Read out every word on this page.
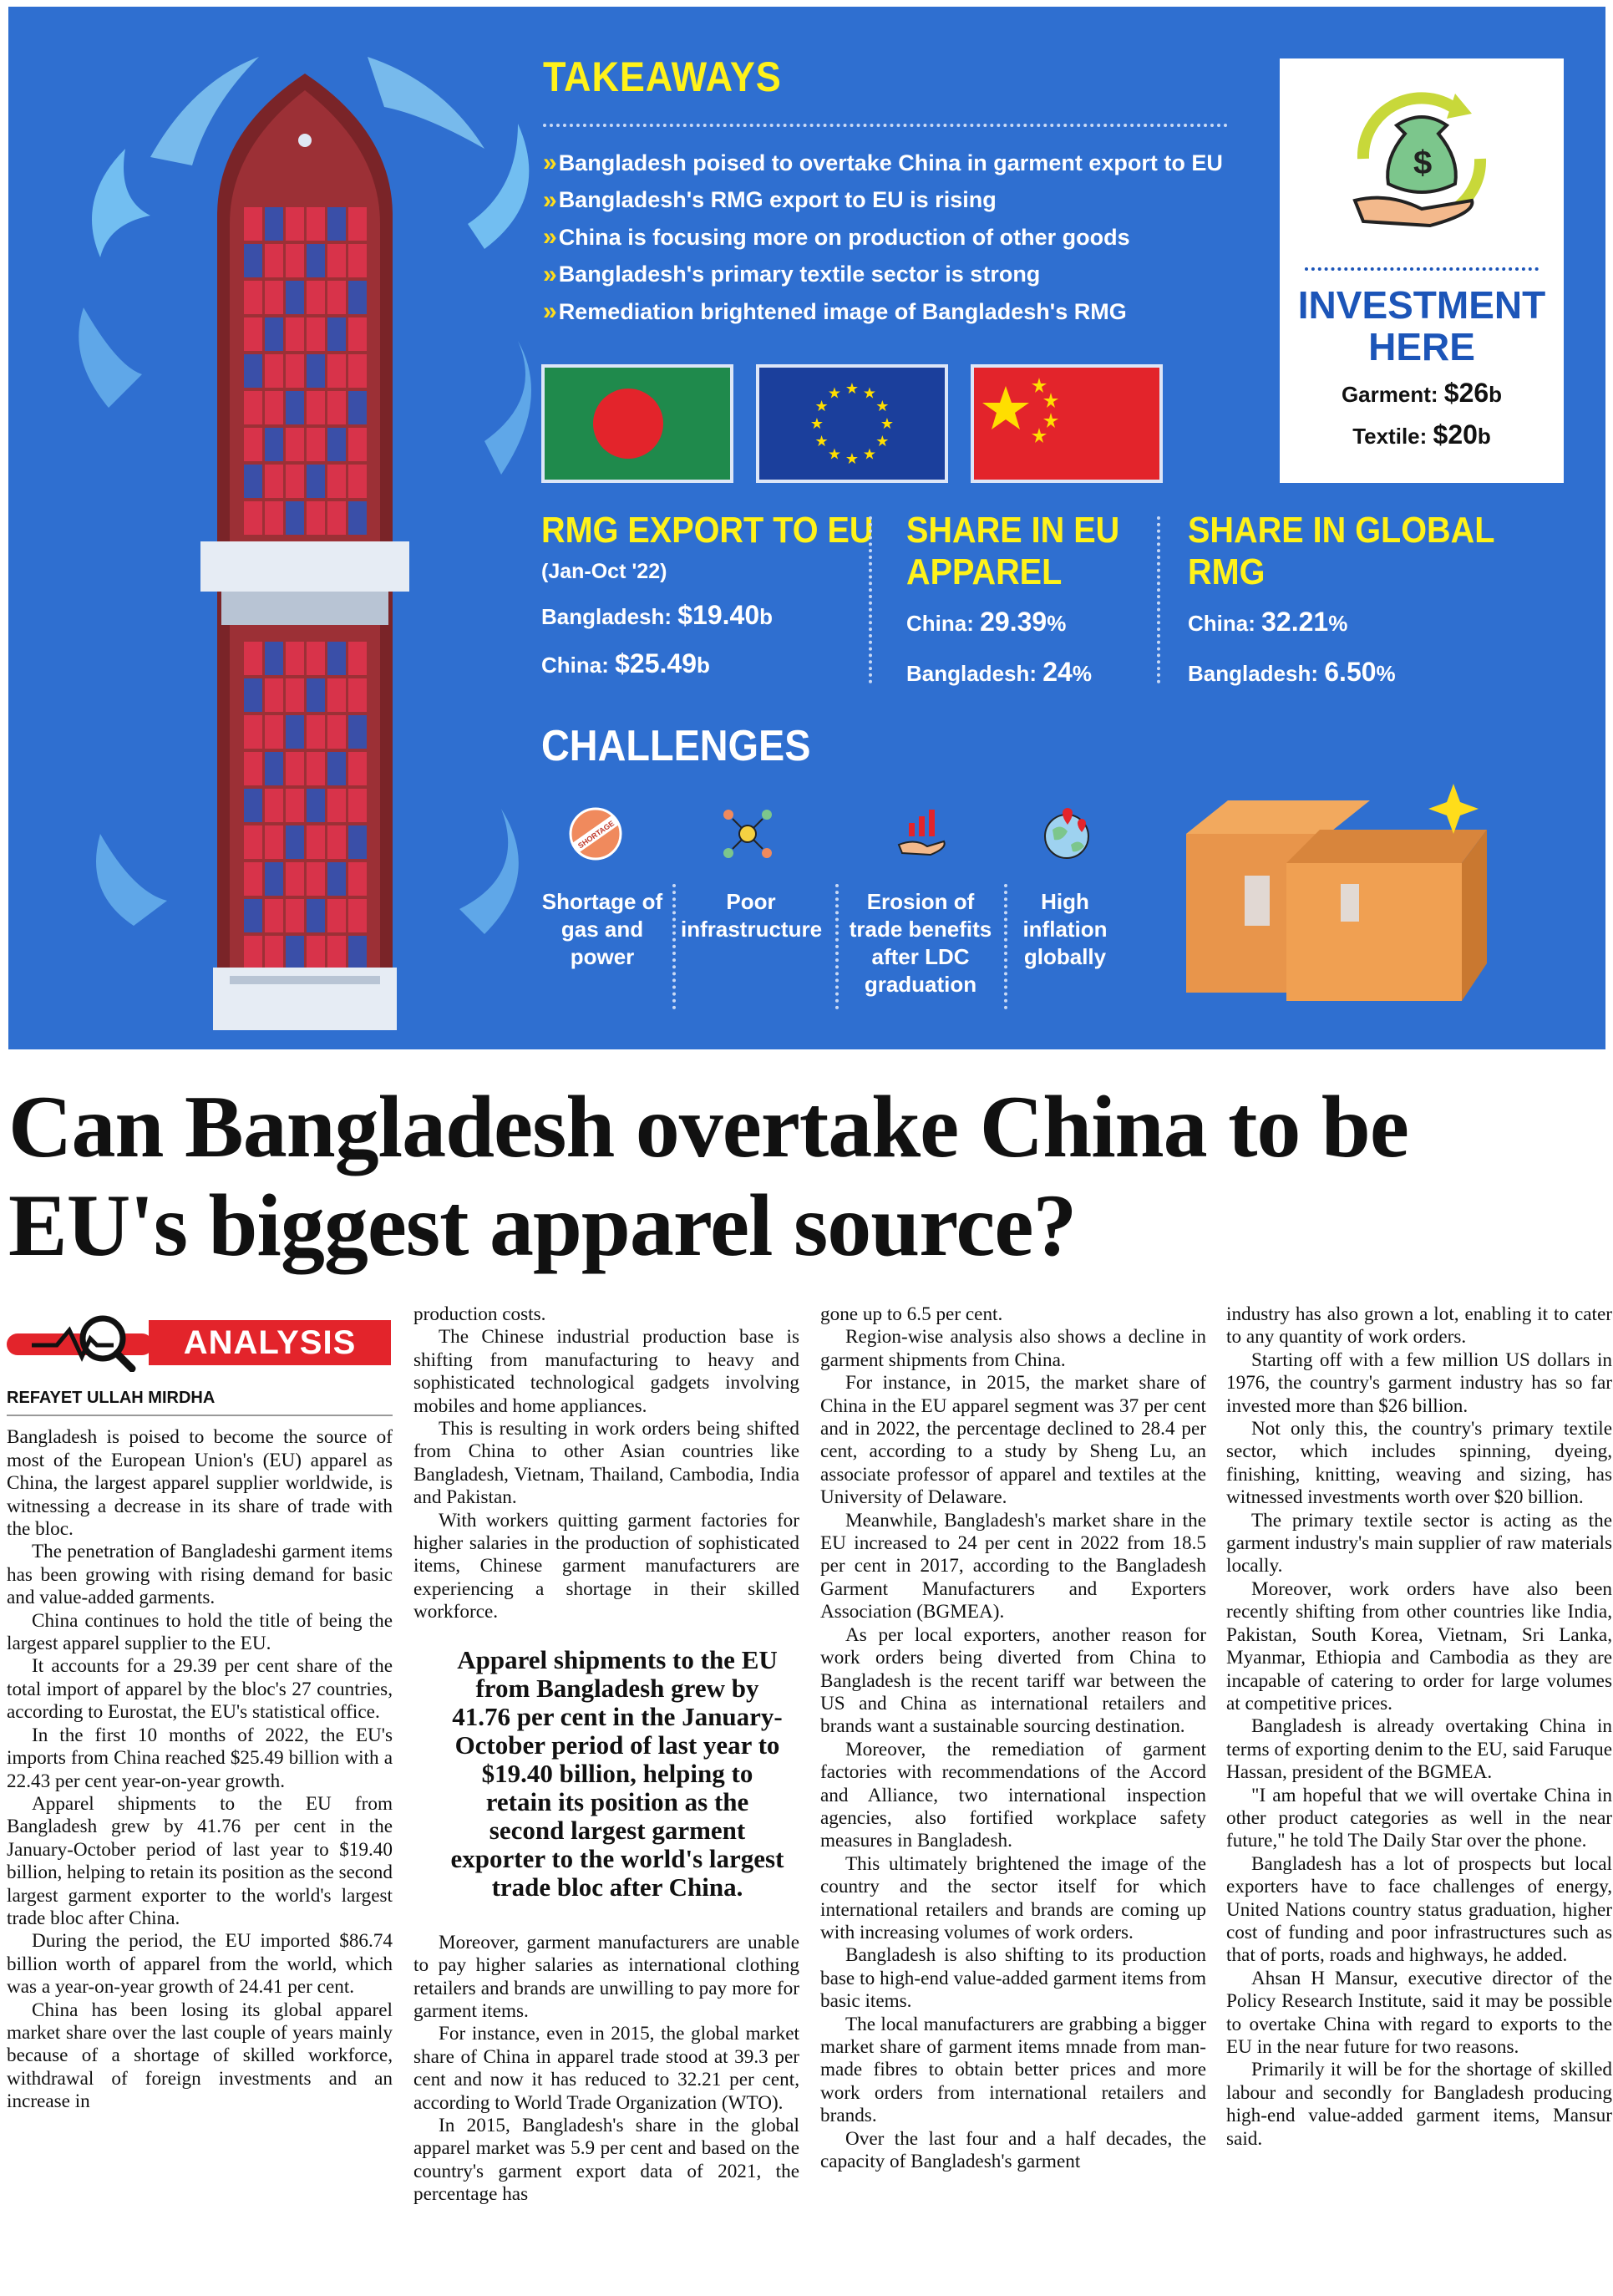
TAKEAWAYS
» Bangladesh poised to overtake China in garment export to EU
» Bangladesh's RMG export to EU is rising
» China is focusing more on production of other goods
» Bangladesh's primary textile sector is strong
» Remediation brightened image of Bangladesh's RMG
★
★
★
★
★
★
★
★
★ ★ ★
★
$
INVESTMENT
HERE
Garment: $26b
Textile: $20b
RMG EXPORT TO EU
(Jan-Oct '22)
Bangladesh: $19.40b
China: $25.49b
SHARE IN EU
APPAREL
China: 29.39%
Bangladesh: 24%
SHARE IN GLOBAL
RMG
China: 32.21%
Bangladesh: 6.50%
CHALLENGES
SHORTAGE
Shortage of gas and power
Poor infrastructure
Erosion of trade benefits after LDC graduation
High inflation globally
Can Bangladesh overtake China to be EU's biggest apparel source?
ANALYSIS
REFAYET ULLAH MIRDHA

Bangladesh is poised to become the source of most of the European Union's (EU) apparel as China, the largest apparel supplier worldwide, is witnessing a decrease in its share of trade with the bloc.

The penetration of Bangladeshi garment items has been growing with rising demand for basic and value-added garments.

China continues to hold the title of being the largest apparel supplier to the EU.

It accounts for a 29.39 per cent share of the total import of apparel by the bloc's 27 countries, according to Eurostat, the EU's statistical office.

In the first 10 months of 2022, the EU's imports from China reached $25.49 billion with a 22.43 per cent year-on-year growth.

Apparel shipments to the EU from Bangladesh grew by 41.76 per cent in the January-October period of last year to $19.40 billion, helping to retain its position as the second largest garment exporter to the world's largest trade bloc after China.

During the period, the EU imported $86.74 billion worth of apparel from the world, which was a year-on-year growth of 24.41 per cent.

China has been losing its global apparel market share over the last couple of years mainly because of a shortage of skilled workforce, withdrawal of foreign investments and an increase in

production costs.

The Chinese industrial production base is shifting from manufacturing to heavy and sophisticated technological gadgets involving mobiles and home appliances.

This is resulting in work orders being shifted from China to other Asian countries like Bangladesh, Vietnam, Thailand, Cambodia, India and Pakistan.

With workers quitting garment factories for higher salaries in the production of sophisticated items, Chinese garment manufacturers are experiencing a shortage in their skilled workforce.

Apparel shipments to the EU from Bangladesh grew by 41.76 per cent in the January-October period of last year to $19.40 billion, helping to retain its position as the second largest garment exporter to the world's largest trade bloc after China.

Moreover, garment manufacturers are unable to pay higher salaries as international clothing retailers and brands are unwilling to pay more for garment items.

For instance, even in 2015, the global market share of China in apparel trade stood at 39.3 per cent and now it has reduced to 32.21 per cent, according to World Trade Organization (WTO).

In 2015, Bangladesh's share in the global apparel market was 5.9 per cent and based on the country's garment export data of 2021, the percentage has

gone up to 6.5 per cent.

Region-wise analysis also shows a decline in garment shipments from China.

For instance, in 2015, the market share of China in the EU apparel segment was 37 per cent and in 2022, the percentage declined to 28.4 per cent, according to a study by Sheng Lu, an associate professor of apparel and textiles at the University of Delaware.

Meanwhile, Bangladesh's market share in the EU increased to 24 per cent in 2022 from 18.5 per cent in 2017, according to the Bangladesh Garment Manufacturers and Exporters Association (BGMEA).

As per local exporters, another reason for work orders being diverted from China to Bangladesh is the recent tariff war between the US and China as international retailers and brands want a sustainable sourcing destination.

Moreover, the remediation of garment factories with recommendations of the Accord and Alliance, two international inspection agencies, also fortified workplace safety measures in Bangladesh.

This ultimately brightened the image of the country and the sector itself for which international retailers and brands are coming up with increasing volumes of work orders.

Bangladesh is also shifting to its production base to high-end value-added garment items from basic items.

The local manufacturers are grabbing a bigger market share of garment items mnade from man-made fibres to obtain better prices and more work orders from international retailers and brands.

Over the last four and a half decades, the capacity of Bangladesh's garment

industry has also grown a lot, enabling it to cater to any quantity of work orders.

Starting off with a few million US dollars in 1976, the country's garment industry has so far invested more than $26 billion.

Not only this, the country's primary textile sector, which includes spinning, dyeing, finishing, knitting, weaving and sizing, has witnessed investments worth over $20 billion.

The primary textile sector is acting as the garment industry's main supplier of raw materials locally.

Moreover, work orders have also been recently shifting from other countries like India, Pakistan, South Korea, Vietnam, Sri Lanka, Myanmar, Ethiopia and Cambodia as they are incapable of catering to order for large volumes at competitive prices.

Bangladesh is already overtaking China in terms of exporting denim to the EU, said Faruque Hassan, president of the BGMEA.

"I am hopeful that we will overtake China in other product categories as well in the near future," he told The Daily Star over the phone.

Bangladesh has a lot of prospects but local exporters have to face challenges of energy, United Nations country status graduation, higher cost of funding and poor infrastructures such as that of ports, roads and highways, he added.

Ahsan H Mansur, executive director of the Policy Research Institute, said it may be possible to overtake China with regard to exports to the EU in the near future for two reasons.

Primarily it will be for the shortage of skilled labour and secondly for Bangladesh producing high-end value-added garment items, Mansur said.
